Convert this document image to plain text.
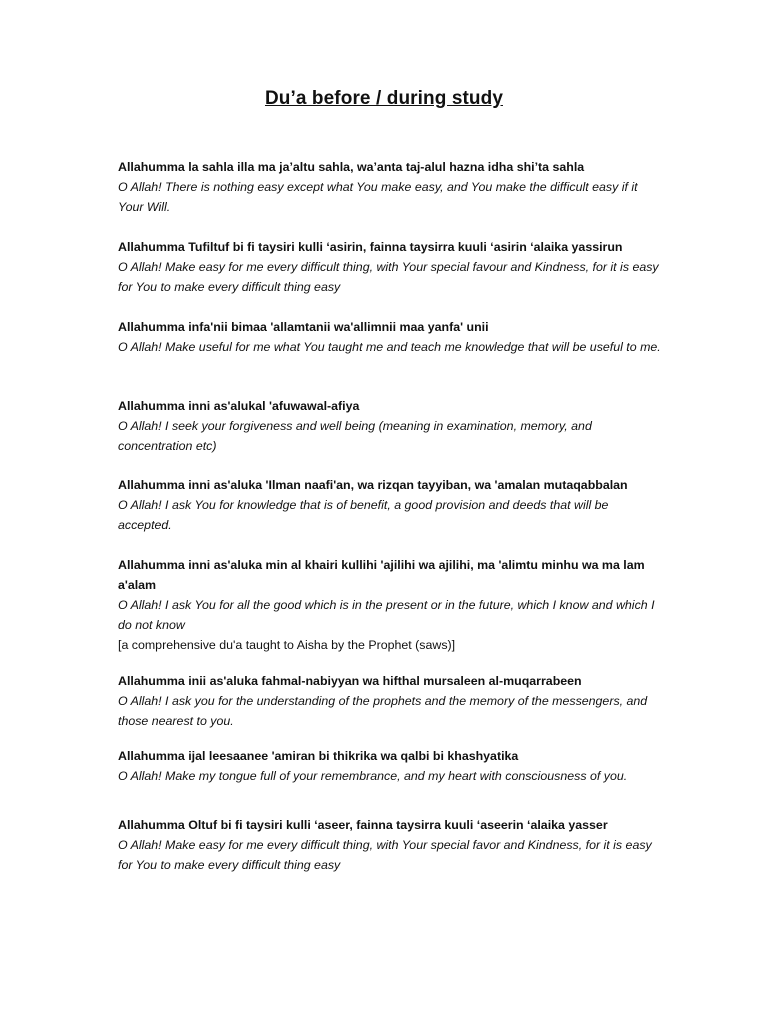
Du’a before / during study
Allahumma la sahla illa ma ja’altu sahla, wa’anta taj-alul hazna idha shi’ta sahla
O Allah! There is nothing easy except what You make easy, and You make the difficult easy if it Your Will.
Allahumma Tufiltuf bi fi taysiri kulli ‘asirin, fainna taysirra kuuli ‘asirin ‘alaika yassirun
O Allah! Make easy for me every difficult thing, with Your special favour and Kindness, for it is easy for You to make every difficult thing easy
Allahumma infa'nii bimaa 'allamtanii wa'allimnii maa yanfa' unii
O Allah! Make useful for me what You taught me and teach me knowledge that will be useful to me.
Allahumma inni as'alukal 'afuwawal-afiya
O Allah! I seek your forgiveness and well being (meaning in examination, memory, and concentration etc)
Allahumma inni as'aluka 'Ilman naafi'an, wa rizqan tayyiban, wa 'amalan mutaqabbalan
O Allah! I ask You for knowledge that is of benefit, a good provision and deeds that will be accepted.
Allahumma inni as'aluka min al khairi kullihi 'ajilihi wa ajilihi, ma 'alimtu minhu wa ma lam a'alam
O Allah! I ask You for all the good which is in the present or in the future, which I know and which I do not know
[a comprehensive du'a taught to Aisha by the Prophet (saws)]
Allahumma inii as'aluka fahmal-nabiyyan wa hifthal mursaleen al-muqarrabeen
O Allah! I ask you for the understanding of the prophets and the memory of the messengers, and those nearest to you.
Allahumma ijal leesaanee 'amiran bi thikrika wa qalbi bi khashyatika
O Allah! Make my tongue full of your remembrance, and my heart with consciousness of you.
Allahumma Oltuf bi fi taysiri kulli ‘aseer, fainna taysirra kuuli ‘aseerin ‘alaika yasser
O Allah! Make easy for me every difficult thing, with Your special favor and Kindness, for it is easy for You to make every difficult thing easy
